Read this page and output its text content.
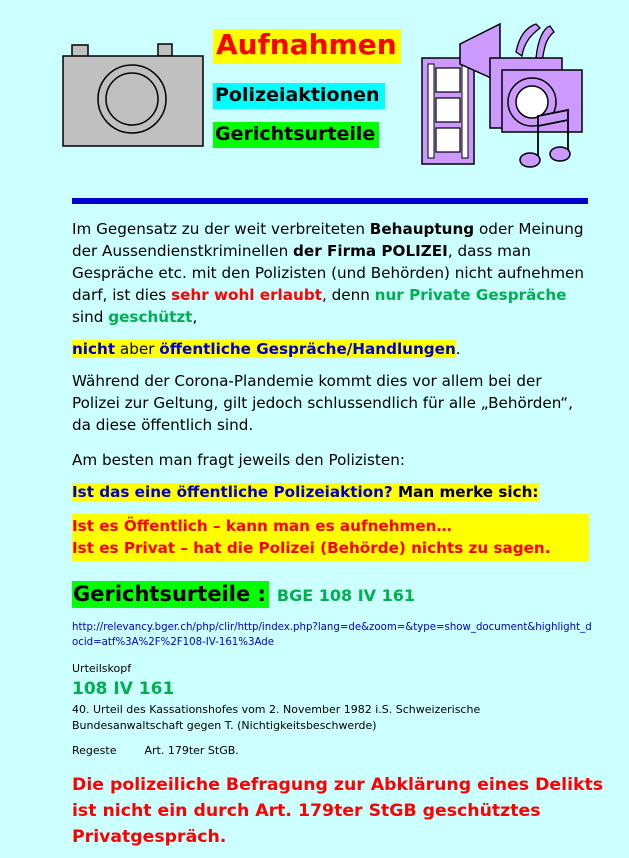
Aufnahmen
Polizeiaktionen
Gerichtsurteile
Im Gegensatz zu der weit verbreiteten Behauptung oder Meinung der Aussendienstkriminellen der Firma POLIZEI, dass man Gespräche etc. mit den Polizisten (und Behörden) nicht aufnehmen darf, ist dies sehr wohl erlaubt, denn nur Private Gespräche sind geschützt,
nicht aber öffentliche Gespräche/Handlungen.
Während der Corona-Plandemie kommt dies vor allem bei der Polizei zur Geltung, gilt jedoch schlussendlich für alle „Behörden“, da diese öffentlich sind.
Am besten man fragt jeweils den Polizisten:
Ist das eine öffentliche Polizeiaktion? Man merke sich:
Ist es Öffentlich – kann man es aufnehmen…
Ist es Privat – hat die Polizei (Behörde) nichts zu sagen.
Gerichtsurteile : BGE 108 IV 161
http://relevancy.bger.ch/php/clir/http/index.php?lang=de&zoom=&type=show_document&highlight_docid=atf%3A%2F%2F108-IV-161%3Ade
Urteilskopf
108 IV 161
40. Urteil des Kassationshofes vom 2. November 1982 i.S. Schweizerische Bundesanwaltschaft gegen T. (Nichtigkeitsbeschwerde)
Regeste	Art. 179ter StGB.
Die polizeiliche Befragung zur Abklärung eines Delikts ist nicht ein durch Art. 179ter StGB geschütztes Privatgespräch.
